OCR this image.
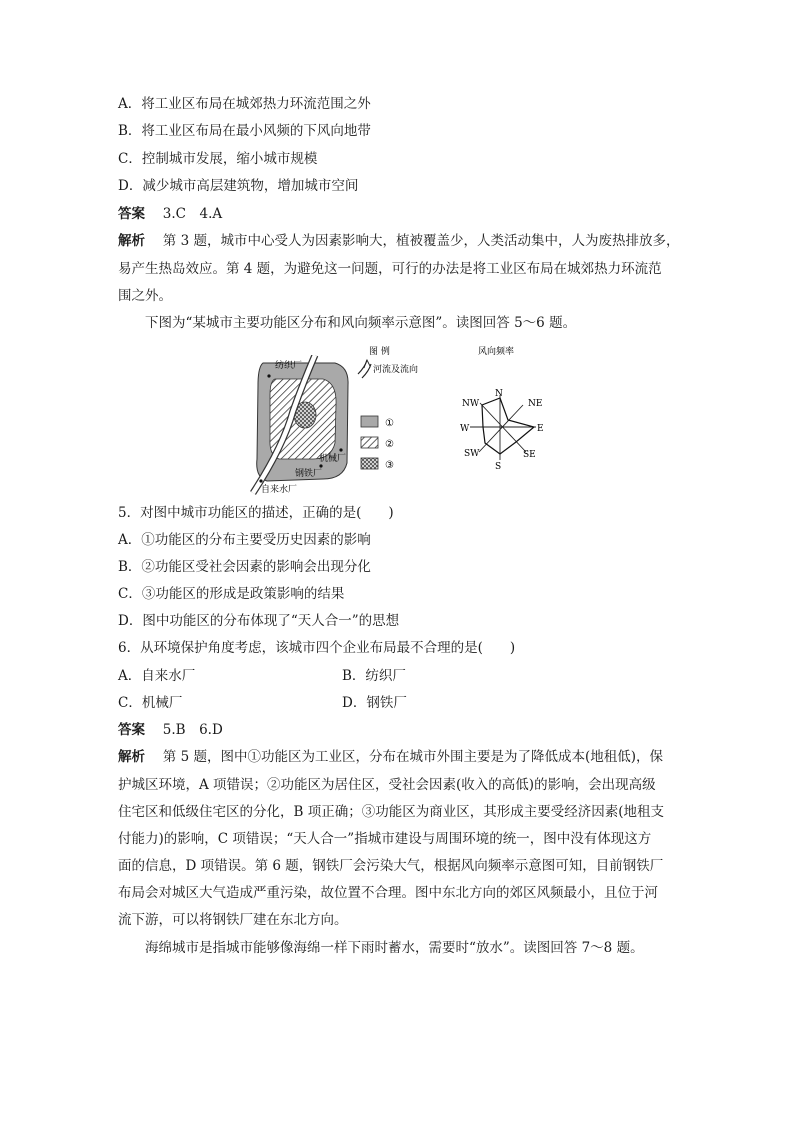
A．将工业区布局在城郊热力环流范围之外
B．将工业区布局在最小风频的下风向地带
C．控制城市发展，缩小城市规模
D．减少城市高层建筑物，增加城市空间
答案　 3.C　4.A
解析　 第 3 题，城市中心受人为因素影响大，植被覆盖少，人类活动集中，人为废热排放多，
易产生热岛效应。第 4 题，为避免这一问题，可行的办法是将工业区布局在城郊热力环流范
围之外。
下图为“某城市主要功能区分布和风向频率示意图”。读图回答 5～6 题。
纺织厂
机械厂
钢铁厂
自来水厂
图 例
河流及流向
①
②
③
风向频率
N
NE
E
SE
S
SW
W
NW
5．对图中城市功能区的描述，正确的是(　　)
A．①功能区的分布主要受历史因素的影响
B．②功能区受社会因素的影响会出现分化
C．③功能区的形成是政策影响的结果
D．图中功能区的分布体现了“天人合一”的思想
6．从环境保护角度考虑，该城市四个企业布局最不合理的是(　　)
A．自来水厂	B．纺织厂
C．机械厂	D．钢铁厂
答案　 5.B　6.D
解析　 第 5 题，图中①功能区为工业区，分布在城市外围主要是为了降低成本(地租低)，保
护城区环境，A 项错误；②功能区为居住区，受社会因素(收入的高低)的影响，会出现高级
住宅区和低级住宅区的分化，B 项正确；③功能区为商业区，其形成主要受经济因素(地租支
付能力)的影响，C 项错误；“天人合一”指城市建设与周围环境的统一，图中没有体现这方
面的信息，D 项错误。第 6 题，钢铁厂会污染大气，根据风向频率示意图可知，目前钢铁厂
布局会对城区大气造成严重污染，故位置不合理。图中东北方向的郊区风频最小，且位于河
流下游，可以将钢铁厂建在东北方向。
海绵城市是指城市能够像海绵一样下雨时蓄水，需要时“放水”。读图回答 7～8 题。
